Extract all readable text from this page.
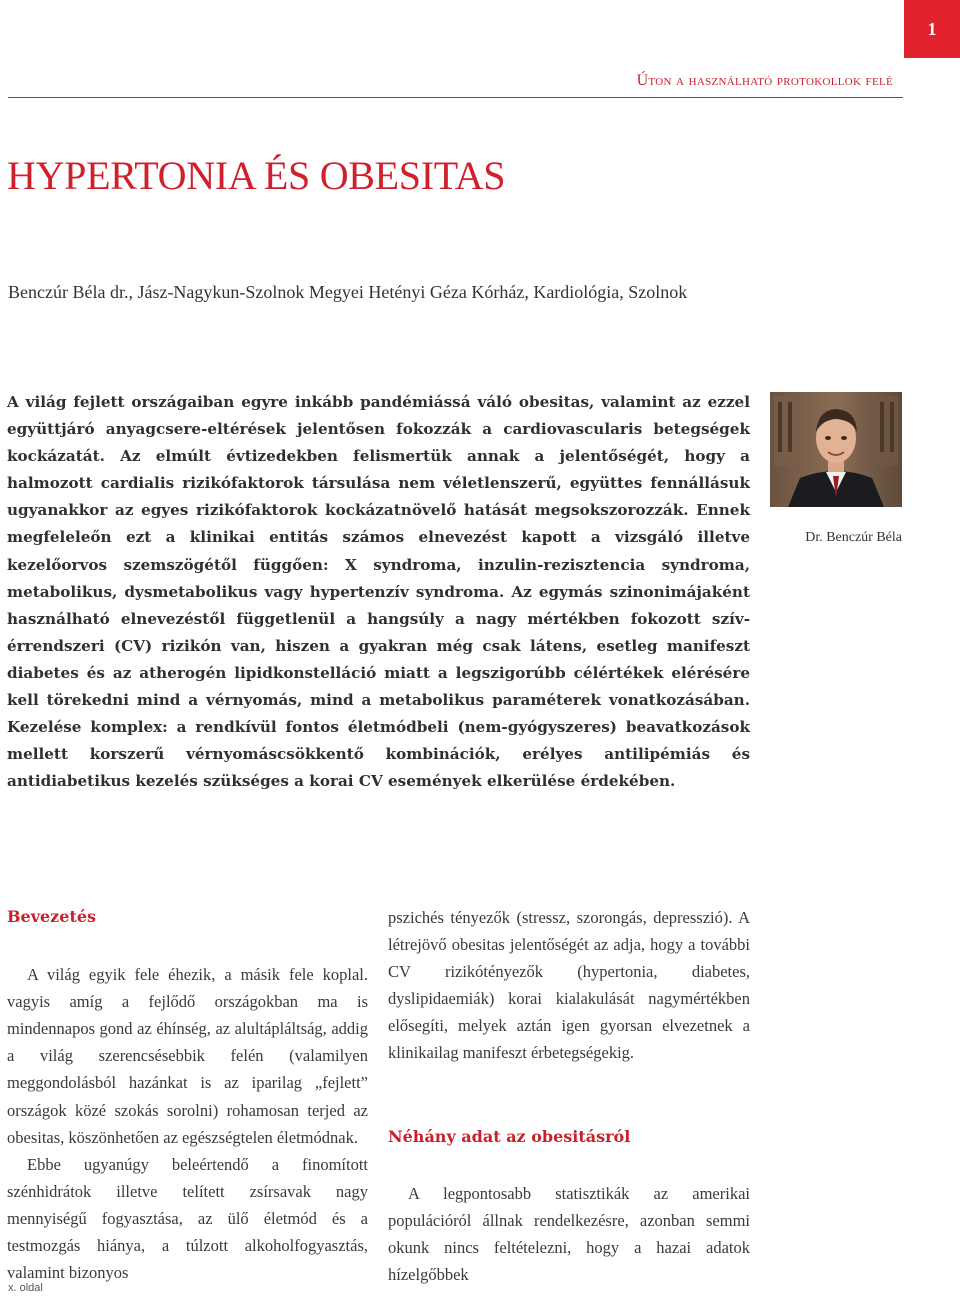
1
Úton a használható protokollok felé
HYPERTONIA ÉS OBESITAS
Benczúr Béla dr., Jász-Nagykun-Szolnok Megyei Hetényi Géza Kórház, Kardiológia, Szolnok

A világ fejlett országaiban egyre inkább pandémiássá váló obesitas, valamint az ezzel együttjáró anyagcsere-eltérések jelentősen fokozzák a cardiovascularis betegségek kockázatát. Az elmúlt évtizedekben felismertük annak a jelentőségét, hogy a halmozott cardialis rizikófaktorok társulása nem véletlenszerű, együttes fennállásuk ugyanakkor az egyes rizikófaktorok kockázatnövelő hatását megsokszorozzák. Ennek megfeleleőn ezt a klinikai entitás számos elnevezést kapott a vizsgáló illetve kezelőorvos szemszögétől függően: X syndroma, inzulin-rezisztencia syndroma, metabolikus, dysmetabolikus vagy hypertenzív syndroma. Az egymás szinonimájaként használható elnevezéstől függetlenül a hangsúly a nagy mértékben fokozott szív-érrendszeri (CV) rizikón van, hiszen a gyakran még csak látens, esetleg manifeszt diabetes és az atherogén lipidkonstelláció miatt a legszigorúbb célértékek elérésére kell törekedni mind a vérnyomás, mind a metabolikus paraméterek vonatkozásában. Kezelése komplex: a rendkívül fontos életmódbeli (nem-gyógyszeres) beavatkozások mellett korszerű vérnyomáscsökkentő kombinációk, erélyes antilipémiás és antidiabetikus kezelés szükséges a korai CV események elkerülése érdekében.

Dr. Benczúr Béla
Bevezetés

A világ egyik fele éhezik, a másik fele koplal. vagyis amíg a fejlődő országokban ma is mindennapos gond az éhínség, az alultápláltság, addig a világ szerencsésebbik felén (valamilyen meggondolásból hazánkat is az iparilag „fejlett” országok közé szokás sorolni) rohamosan terjed az obesitas, köszönhetően az egészségtelen életmódnak.

Ebbe ugyanúgy beleértendő a finomított szénhidrátok illetve telített zsírsavak nagy mennyiségű fogyasztása, az ülő életmód és a testmozgás hiánya, a túlzott alkoholfogyasztás, valamint bizonyos

pszichés tényezők (stressz, szorongás, depresszió). A létrejövő obesitas jelentőségét az adja, hogy a további CV rizikótényezők (hypertonia, diabetes, dyslipidaemiák) korai kialakulását nagymértékben elősegíti, melyek aztán igen gyorsan elvezetnek a klinikailag manifeszt érbetegségekig.

Néhány adat az obesitásról

A legpontosabb statisztikák az amerikai populációról állnak rendelkezésre, azonban semmi okunk nincs feltételezni, hogy a hazai adatok hízelgőbbek

x. oldal
